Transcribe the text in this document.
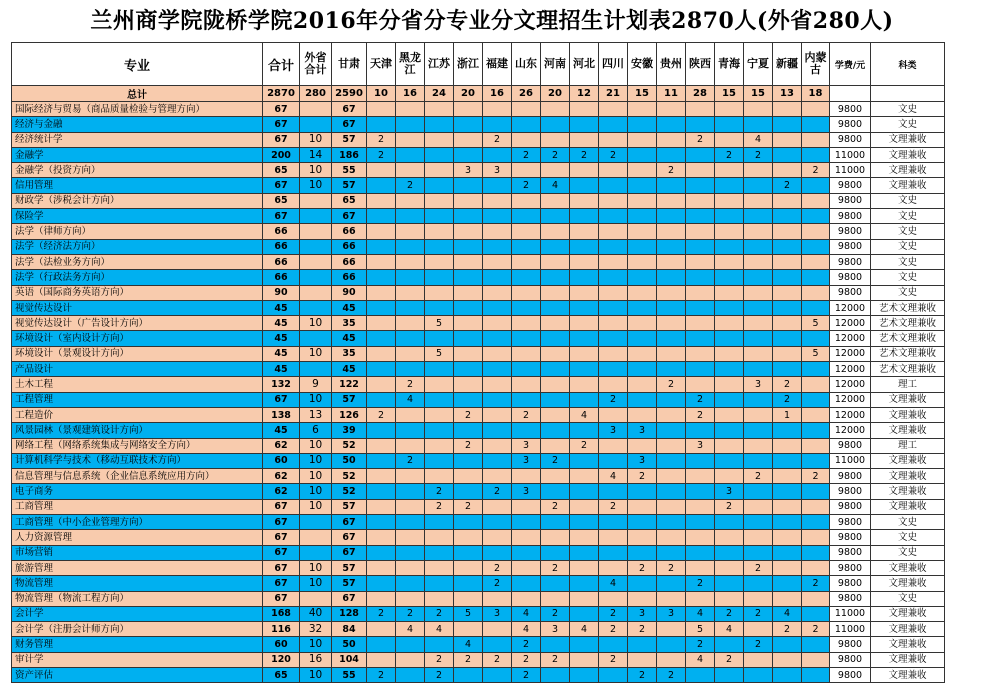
兰州商学院陇桥学院2016年分省分专业分文理招生计划表2870人(外省280人)
专业	合计	外省合计	甘肃	天津	黑龙江	江苏	浙江	福建	山东	河南	河北	四川	安徽	贵州	陕西	青海	宁夏	新疆	内蒙古	学费/元	科类
总计	2870	280	2590	10	16	24	20	16	26	20	12	21	15	11	28	15	15	13	18		
国际经济与贸易（商品质量检验与管理方向）	67		67																	9800	文史
经济与金融	67		67																	9800	文史
经济统计学	67	10	57	2				2							2		4			9800	文理兼收
金融学	200	14	186	2					2	2	2	2				2	2			11000	文理兼收
金融学（投资方向）	65	10	55				3	3						2					2	11000	文理兼收
信用管理	67	10	57		2				2	4								2		9800	文理兼收
财政学（涉税会计方向）	65		65																	9800	文史
保险学	67		67																	9800	文史
法学（律师方向）	66		66																	9800	文史
法学（经济法方向）	66		66																	9800	文史
法学（法检业务方向）	66		66																	9800	文史
法学（行政法务方向）	66		66																	9800	文史
英语（国际商务英语方向）	90		90																	9800	文史
视觉传达设计	45		45																	12000	艺术文理兼收
视觉传达设计（广告设计方向）	45	10	35			5													5	12000	艺术文理兼收
环境设计（室内设计方向）	45		45																	12000	艺术文理兼收
环境设计（景观设计方向）	45	10	35			5													5	12000	艺术文理兼收
产品设计	45		45																	12000	艺术文理兼收
土木工程	132	9	122		2									2			3	2		12000	理工
工程管理	67	10	57		4							2			2			2		12000	文理兼收
工程造价	138	13	126	2			2		2		4				2			1		12000	文理兼收
风景园林（景观建筑设计方向）	45	6	39									3	3							12000	文理兼收
网络工程（网络系统集成与网络安全方向）	62	10	52				2		3		2				3					9800	理工
计算机科学与技术（移动互联技术方向）	60	10	50		2				3	2			3							11000	文理兼收
信息管理与信息系统（企业信息系统应用方向）	62	10	52									4	2				2		2	9800	文理兼收
电子商务	62	10	52			2		2	3							3				9800	文理兼收
工商管理	67	10	57			2	2			2		2				2				9800	文理兼收
工商管理（中小企业管理方向）	67		67																	9800	文史
人力资源管理	67		67																	9800	文史
市场营销	67		67																	9800	文史
旅游管理	67	10	57					2		2			2	2			2			9800	文理兼收
物流管理	67	10	57					2				4			2				2	9800	文理兼收
物流管理（物流工程方向）	67		67																	9800	文史
会计学	168	40	128	2	2	2	5	3	4	2		2	3	3	4	2	2	4		11000	文理兼收
会计学（注册会计师方向）	116	32	84		4	4			4	3	4	2	2		5	4		2	2	11000	文理兼收
财务管理	60	10	50				4		2						2		2			9800	文理兼收
审计学	120	16	104			2	2	2	2	2		2			4	2				9800	文理兼收
资产评估	65	10	55	2		2			2				2	2						9800	文理兼收
